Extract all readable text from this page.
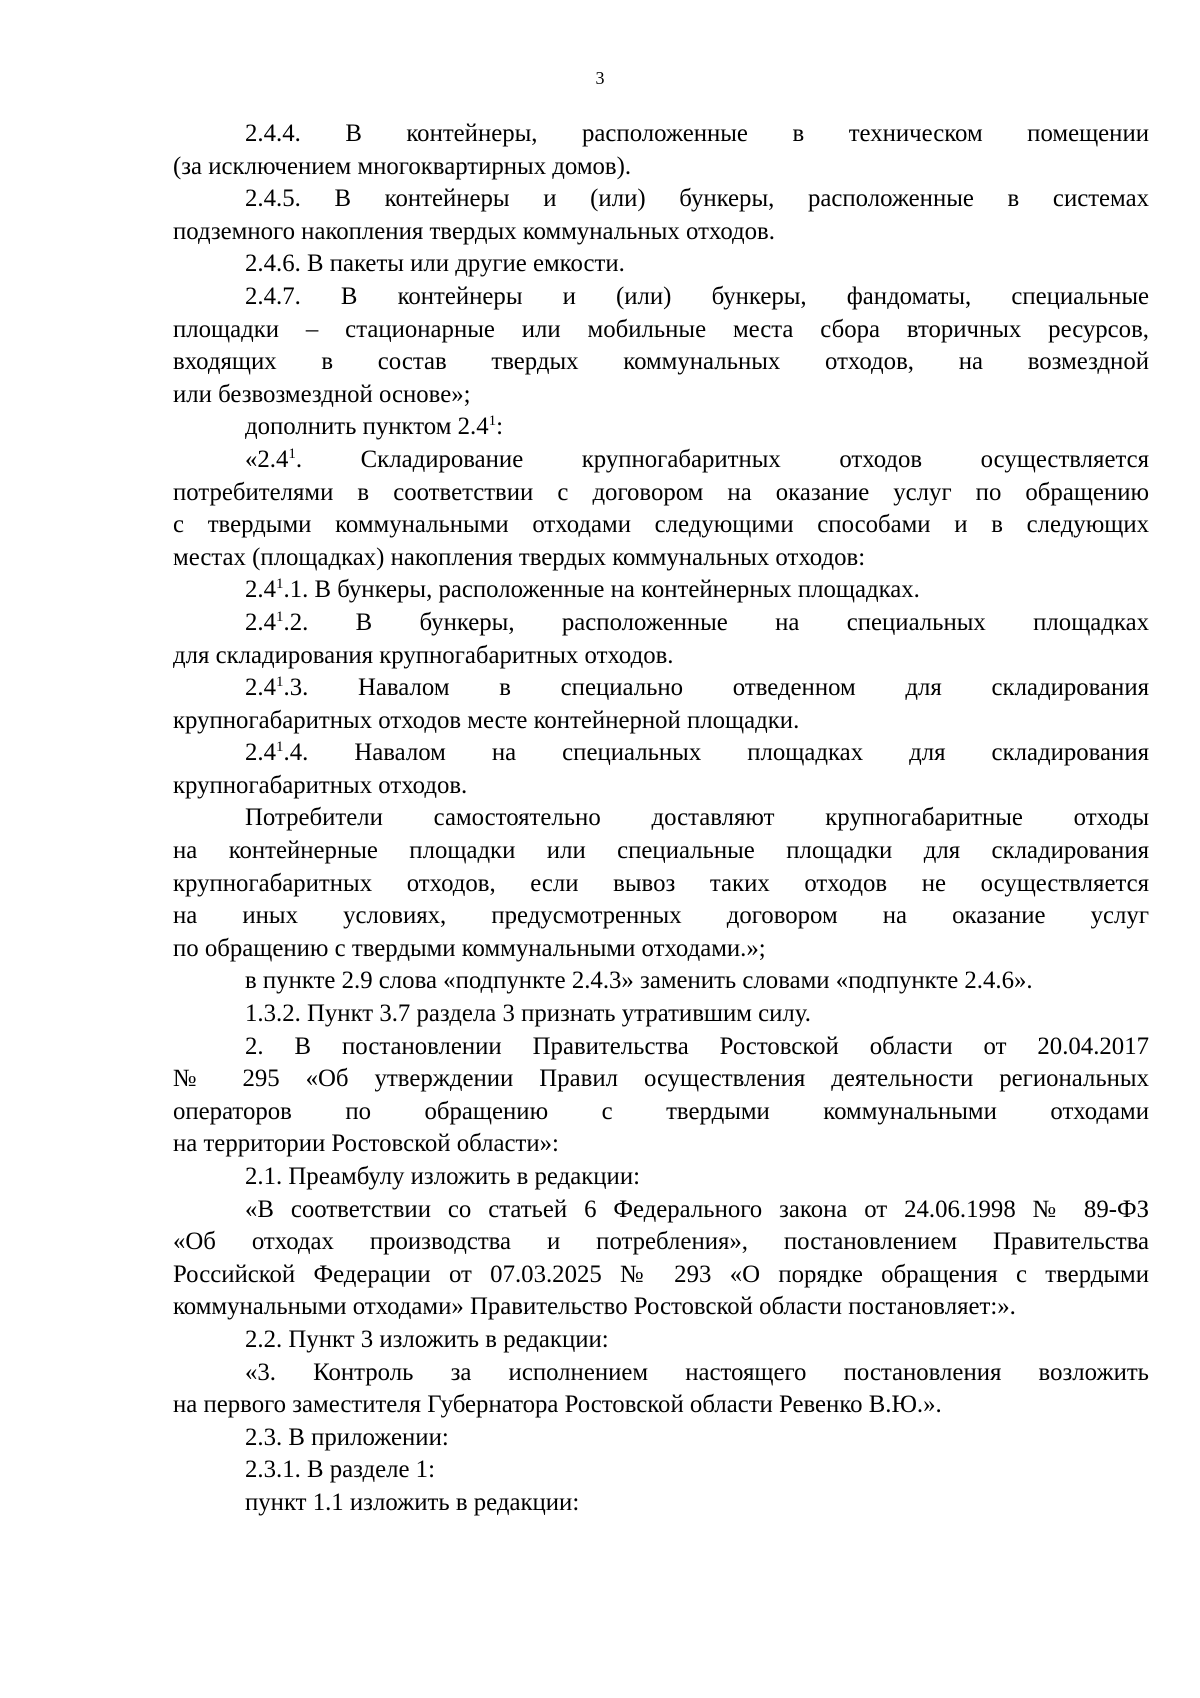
3
2.4.4. В контейнеры, расположенные в техническом помещении
(за исключением многоквартирных домов).
2.4.5. В контейнеры и (или) бункеры, расположенные в системах
подземного накопления твердых коммунальных отходов.
2.4.6. В пакеты или другие емкости.
2.4.7. В контейнеры и (или) бункеры, фандоматы, специальные
площадки – стационарные или мобильные места сбора вторичных ресурсов,
входящих в состав твердых коммунальных отходов, на возмездной
или безвозмездной основе»;
дополнить пунктом $2.4^1$:
«$2.4^1$. Складирование крупногабаритных отходов осуществляется
потребителями в соответствии с договором на оказание услуг по обращению
с твердыми коммунальными отходами следующими способами и в следующих
местах (площадках) накопления твердых коммунальных отходов:
$2.4^1.1$. В бункеры, расположенные на контейнерных площадках.
$2.4^1.2$. В бункеры, расположенные на специальных площадках
для складирования крупногабаритных отходов.
$2.4^1.3$. Навалом в специально отведенном для складирования
крупногабаритных отходов месте контейнерной площадки.
$2.4^1.4$. Навалом на специальных площадках для складирования
крупногабаритных отходов.
Потребители самостоятельно доставляют крупногабаритные отходы
на контейнерные площадки или специальные площадки для складирования
крупногабаритных отходов, если вывоз таких отходов не осуществляется
на иных условиях, предусмотренных договором на оказание услуг
по обращению с твердыми коммунальными отходами.»;
в пункте 2.9 слова «подпункте 2.4.3» заменить словами «подпункте 2.4.6».
1.3.2. Пункт 3.7 раздела 3 признать утратившим силу.
2. В постановлении Правительства Ростовской области от 20.04.2017
№ 295 «Об утверждении Правил осуществления деятельности региональных
операторов по обращению с твердыми коммунальными отходами
на территории Ростовской области»:
2.1. Преамбулу изложить в редакции:
«В соответствии со статьей 6 Федерального закона от 24.06.1998 № 89-ФЗ
«Об отходах производства и потребления», постановлением Правительства
Российской Федерации от 07.03.2025 № 293 «О порядке обращения с твердыми
коммунальными отходами» Правительство Ростовской области постановляет:».
2.2. Пункт 3 изложить в редакции:
«3. Контроль за исполнением настоящего постановления возложить
на первого заместителя Губернатора Ростовской области Ревенко В.Ю.».
2.3. В приложении:
2.3.1. В разделе 1:
пункт 1.1 изложить в редакции:
